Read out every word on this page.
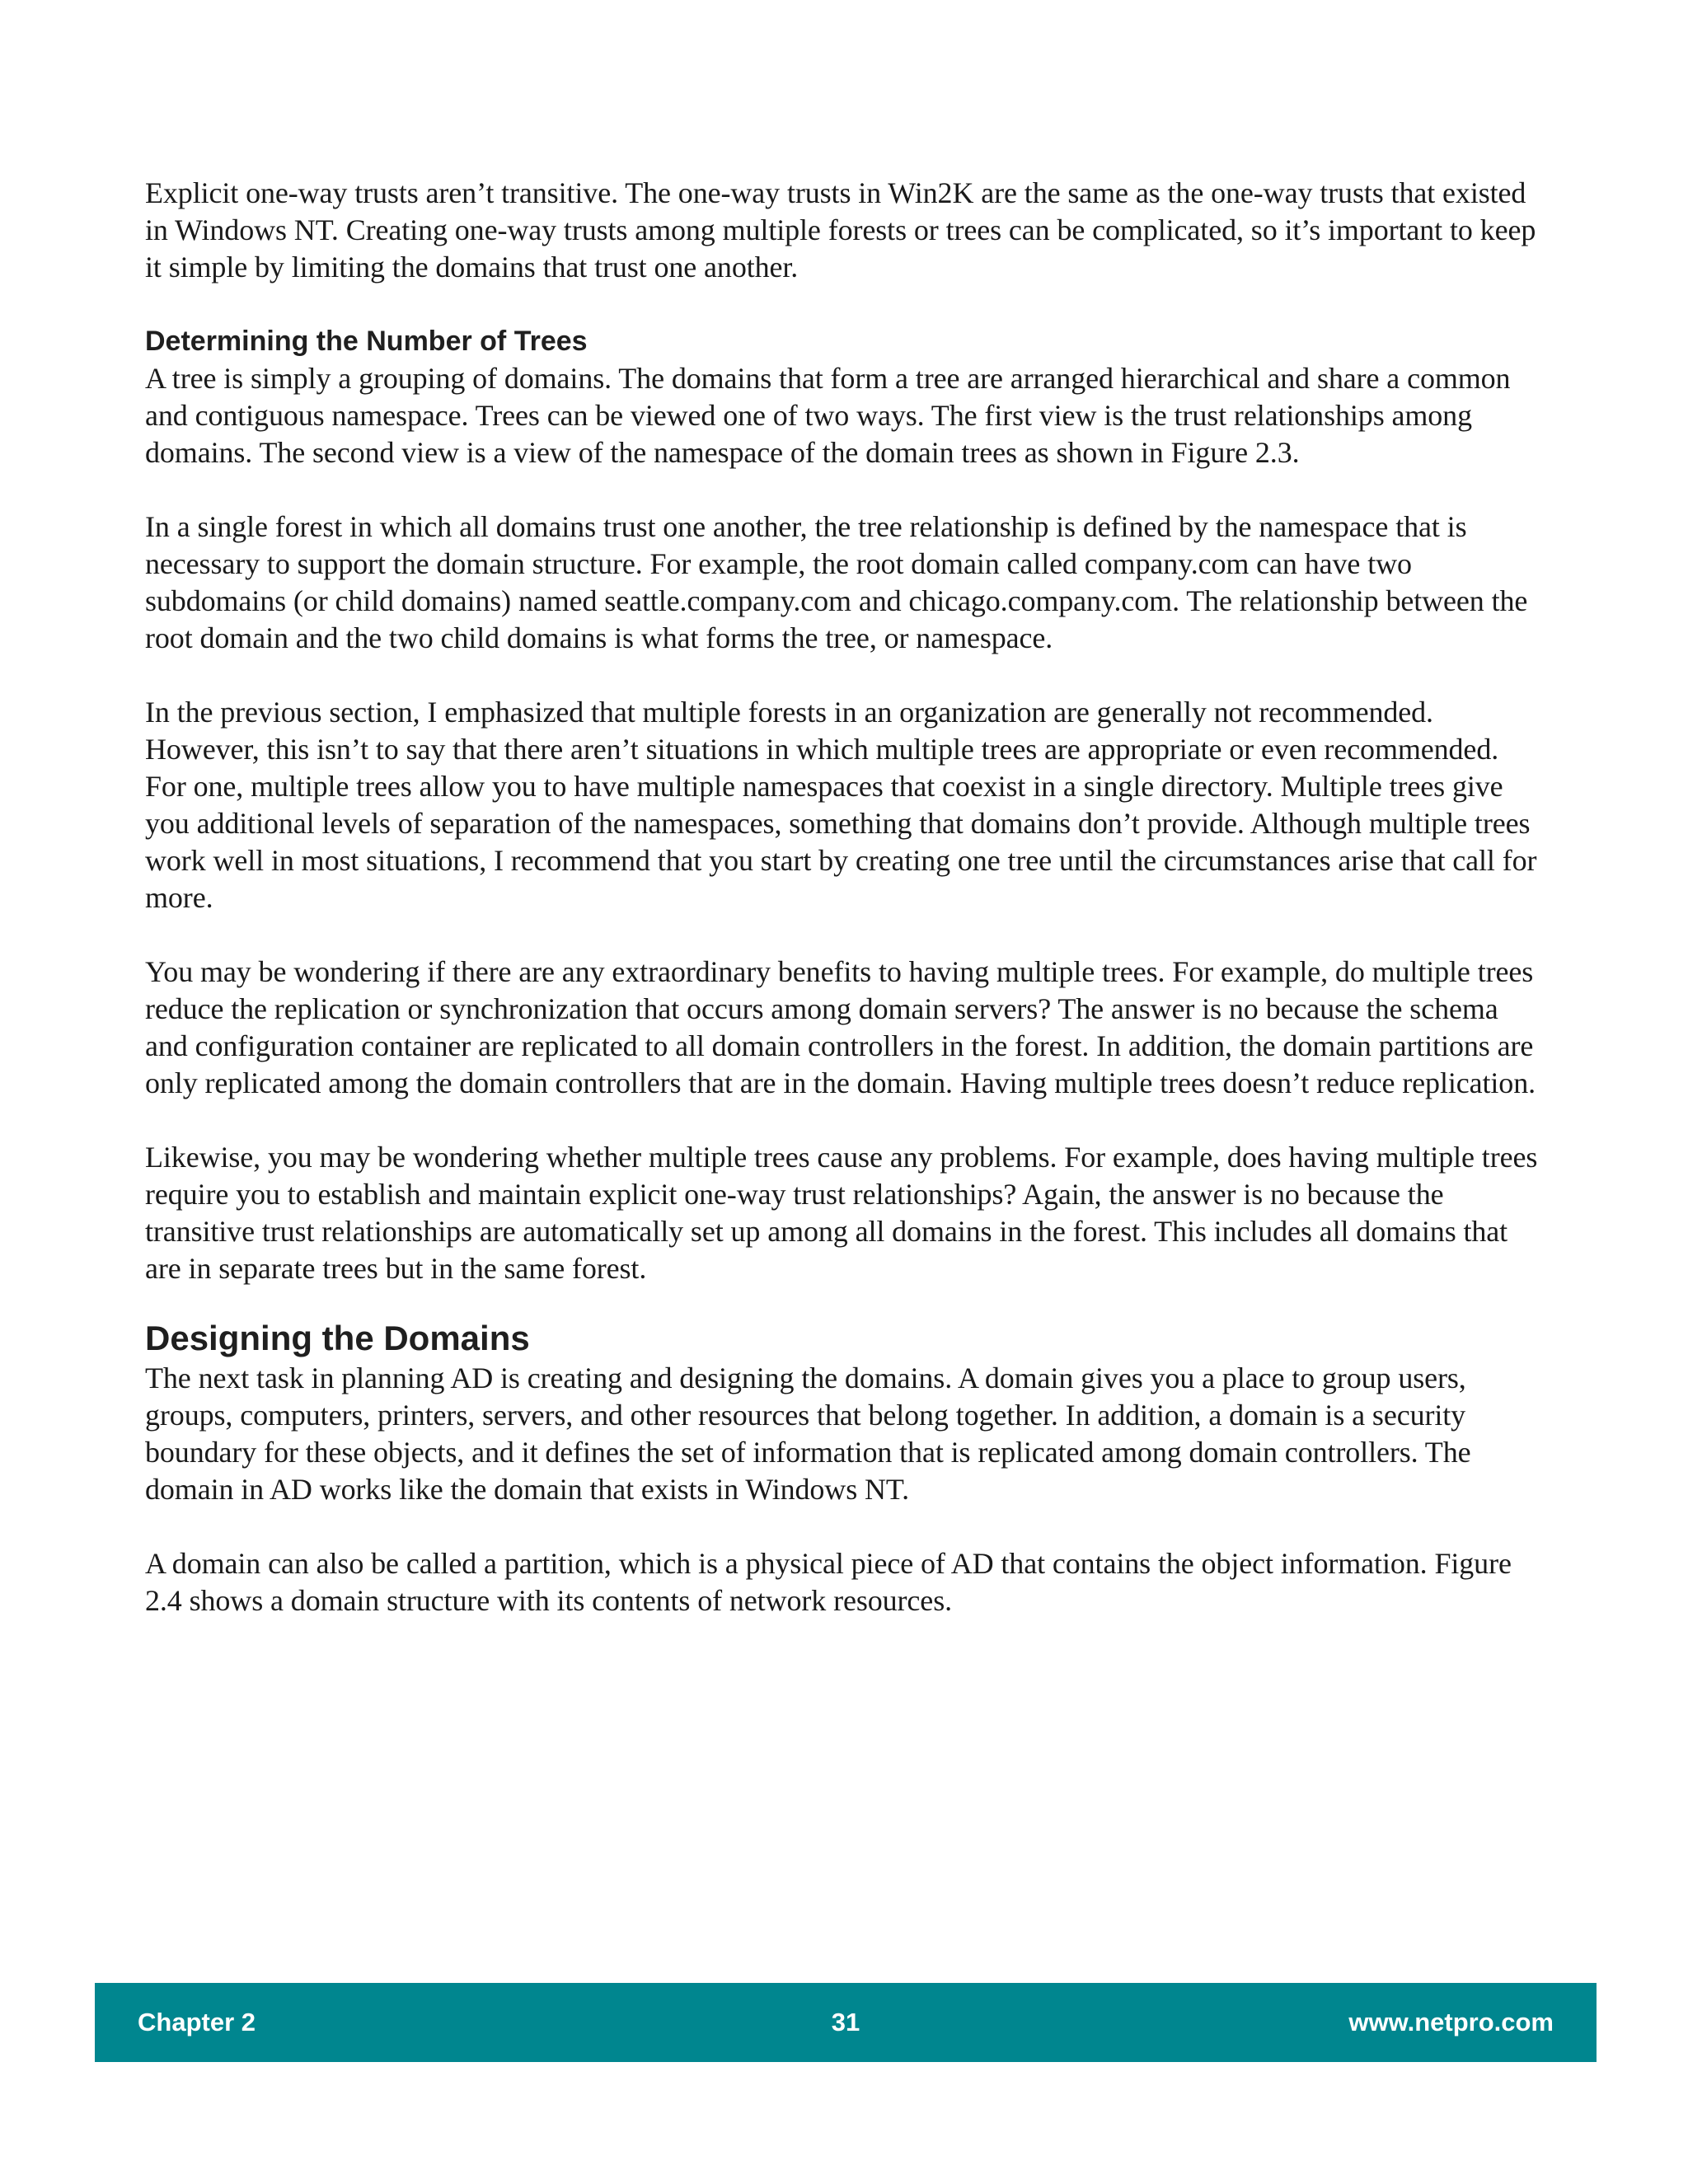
Explicit one-way trusts aren’t transitive. The one-way trusts in Win2K are the same as the one-way trusts that existed in Windows NT. Creating one-way trusts among multiple forests or trees can be complicated, so it’s important to keep it simple by limiting the domains that trust one another.

Determining the Number of Trees

A tree is simply a grouping of domains. The domains that form a tree are arranged hierarchical and share a common and contiguous namespace. Trees can be viewed one of two ways. The first view is the trust relationships among domains. The second view is a view of the namespace of the domain trees as shown in Figure 2.3.

In a single forest in which all domains trust one another, the tree relationship is defined by the namespace that is necessary to support the domain structure. For example, the root domain called company.com can have two subdomains (or child domains) named seattle.company.com and chicago.company.com. The relationship between the root domain and the two child domains is what forms the tree, or namespace.

In the previous section, I emphasized that multiple forests in an organization are generally not recommended. However, this isn’t to say that there aren’t situations in which multiple trees are appropriate or even recommended. For one, multiple trees allow you to have multiple namespaces that coexist in a single directory. Multiple trees give you additional levels of separation of the namespaces, something that domains don’t provide. Although multiple trees work well in most situations, I recommend that you start by creating one tree until the circumstances arise that call for more.

You may be wondering if there are any extraordinary benefits to having multiple trees. For example, do multiple trees reduce the replication or synchronization that occurs among domain servers? The answer is no because the schema and configuration container are replicated to all domain controllers in the forest. In addition, the domain partitions are only replicated among the domain controllers that are in the domain. Having multiple trees doesn’t reduce replication.

Likewise, you may be wondering whether multiple trees cause any problems. For example, does having multiple trees require you to establish and maintain explicit one-way trust relationships? Again, the answer is no because the transitive trust relationships are automatically set up among all domains in the forest. This includes all domains that are in separate trees but in the same forest.

Designing the Domains

The next task in planning AD is creating and designing the domains. A domain gives you a place to group users, groups, computers, printers, servers, and other resources that belong together. In addition, a domain is a security boundary for these objects, and it defines the set of information that is replicated among domain controllers. The domain in AD works like the domain that exists in Windows NT.

A domain can also be called a partition, which is a physical piece of AD that contains the object information. Figure 2.4 shows a domain structure with its contents of network resources.

Chapter 2	31	www.netpro.com
